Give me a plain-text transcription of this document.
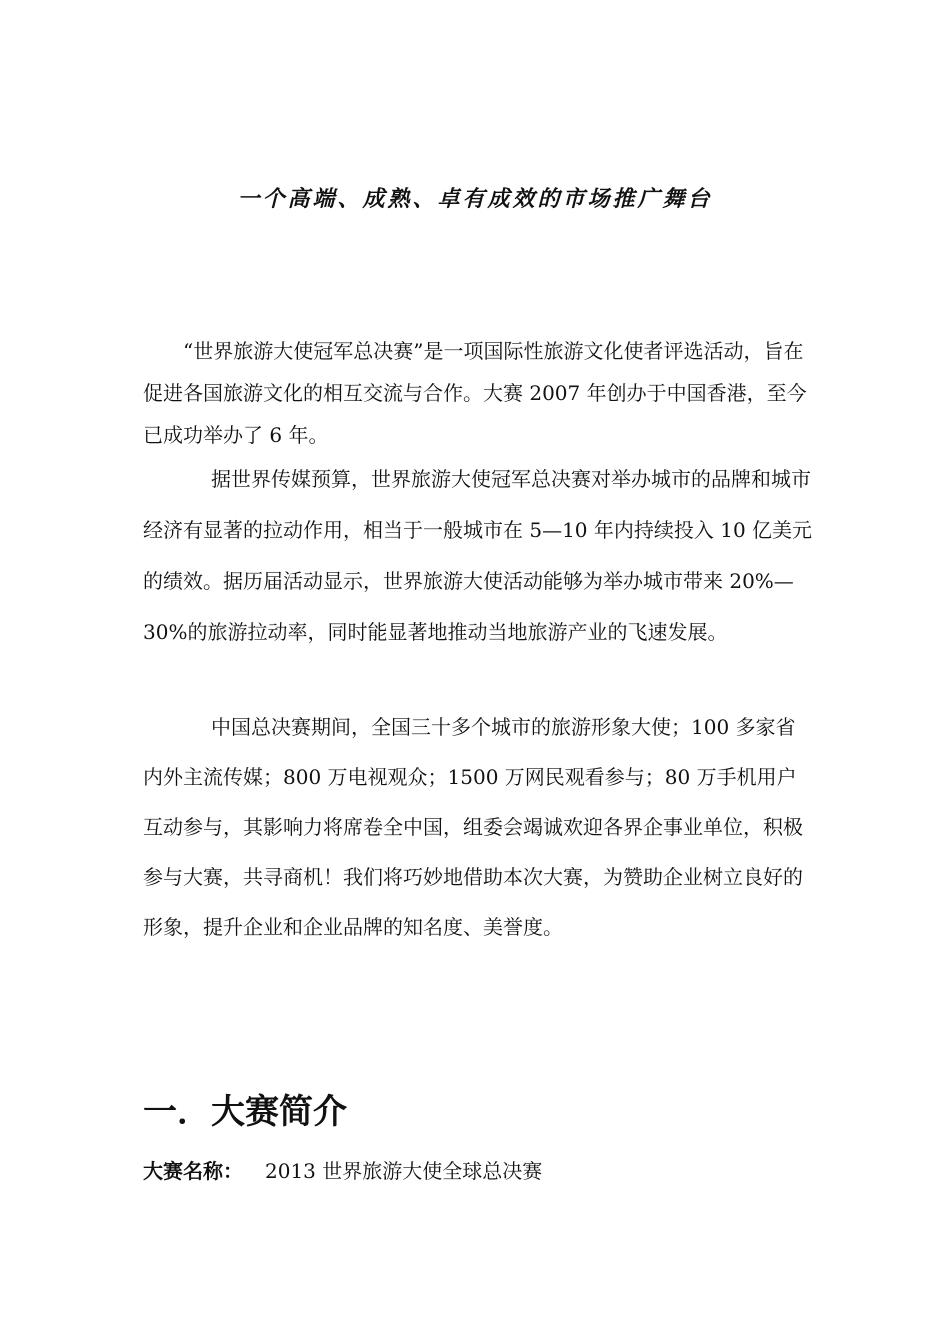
一个高端、成熟、卓有成效的市场推广舞台

“世界旅游大使冠军总决赛”是一项国际性旅游文化使者评选活动，旨在促进各国旅游文化的相互交流与合作。大赛 2007 年创办于中国香港，至今已成功举办了 6 年。

据世界传媒预算，世界旅游大使冠军总决赛对举办城市的品牌和城市经济有显著的拉动作用，相当于一般城市在 5—10 年内持续投入 10 亿美元的绩效。据历届活动显示，世界旅游大使活动能够为举办城市带来 20%—30%的旅游拉动率，同时能显著地推动当地旅游产业的飞速发展。

中国总决赛期间，全国三十多个城市的旅游形象大使；100 多家省内外主流传媒；800 万电视观众；1500 万网民观看参与；80 万手机用户互动参与，其影响力将席卷全中国，组委会竭诚欢迎各界企事业单位，积极参与大赛，共寻商机！我们将巧妙地借助本次大赛，为赞助企业树立良好的形象，提升企业和企业品牌的知名度、美誉度。

一．大赛简介
大赛名称： 2013 世界旅游大使全球总决赛
